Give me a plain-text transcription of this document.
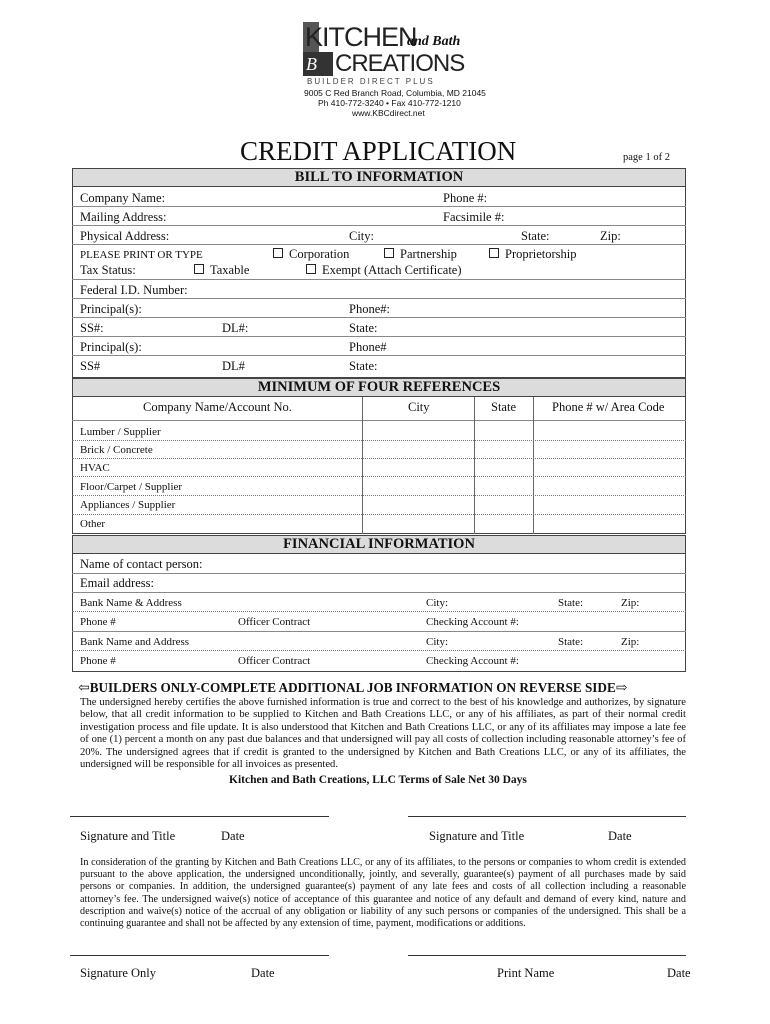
KITCHEN
and Bath
B CREATIONS
BUILDER DIRECT PLUS
9005 C Red Branch Road, Columbia, MD 21045
Ph 410-772-3240 • Fax 410-772-1210
www.KBCdirect.net
CREDIT APPLICATION	page 1 of 2
BILL TO INFORMATION
Company Name:	Phone #:
Mailing Address:	Facsimile #:
Physical Address:	City:	State:	Zip:
PLEASE PRINT OR TYPE	Corporation	Partnership	Proprietorship
Tax Status:	Taxable	Exempt (Attach Certificate)
Federal I.D. Number:
Principal(s):	Phone#:
SS#:	DL#:	State:
Principal(s):	Phone#
SS#	DL#	State:
MINIMUM OF FOUR REFERENCES
Company Name/Account No.	City	State	Phone # w/ Area Code
Lumber / Supplier
Brick / Concrete
HVAC
Floor/Carpet / Supplier
Appliances / Supplier
Other
FINANCIAL INFORMATION
Name of contact person:
Email address:
Bank Name & Address	City:	State:	Zip:
Phone #	Officer Contract	Checking Account #:
Bank Name and Address	City:	State:	Zip:
Phone #	Officer Contract	Checking Account #:
⇦BUILDERS ONLY-COMPLETE ADDITIONAL JOB INFORMATION ON REVERSE SIDE⇨
The undersigned hereby certifies the above furnished information is true and correct to the best of his knowledge and authorizes, by signature below, that all credit information to be supplied to Kitchen and Bath Creations LLC, or any of his affiliates, as part of their normal credit investigation process and file update. It is also understood that Kitchen and Bath Creations LLC, or any of its affiliates may impose a late fee of one (1) percent a month on any past due balances and that undersigned will pay all costs of collection including reasonable attorney’s fee of 20%. The undersigned agrees that if credit is granted to the undersigned by Kitchen and Bath Creations LLC, or any of its affiliates, the undersigned will be responsible for all invoices as presented.
Kitchen and Bath Creations, LLC Terms of Sale Net 30 Days
Signature and Title	Date	Signature and Title	Date
In consideration of the granting by Kitchen and Bath Creations LLC, or any of its affiliates, to the persons or companies to whom credit is extended pursuant to the above application, the undersigned unconditionally, jointly, and severally, guarantee(s) payment of all purchases made by said persons or companies. In addition, the undersigned guarantee(s) payment of any late fees and costs of all collection including a reasonable attorney’s fee. The undersigned waive(s) notice of acceptance of this guarantee and notice of any default and demand of every kind, nature and description and waive(s) notice of the accrual of any obligation or liability of any such persons or companies of the undersigned. This shall be a continuing guarantee and shall not be affected by any extension of time, payment, modifications or additions.
Signature Only	Date	Print Name	Date
